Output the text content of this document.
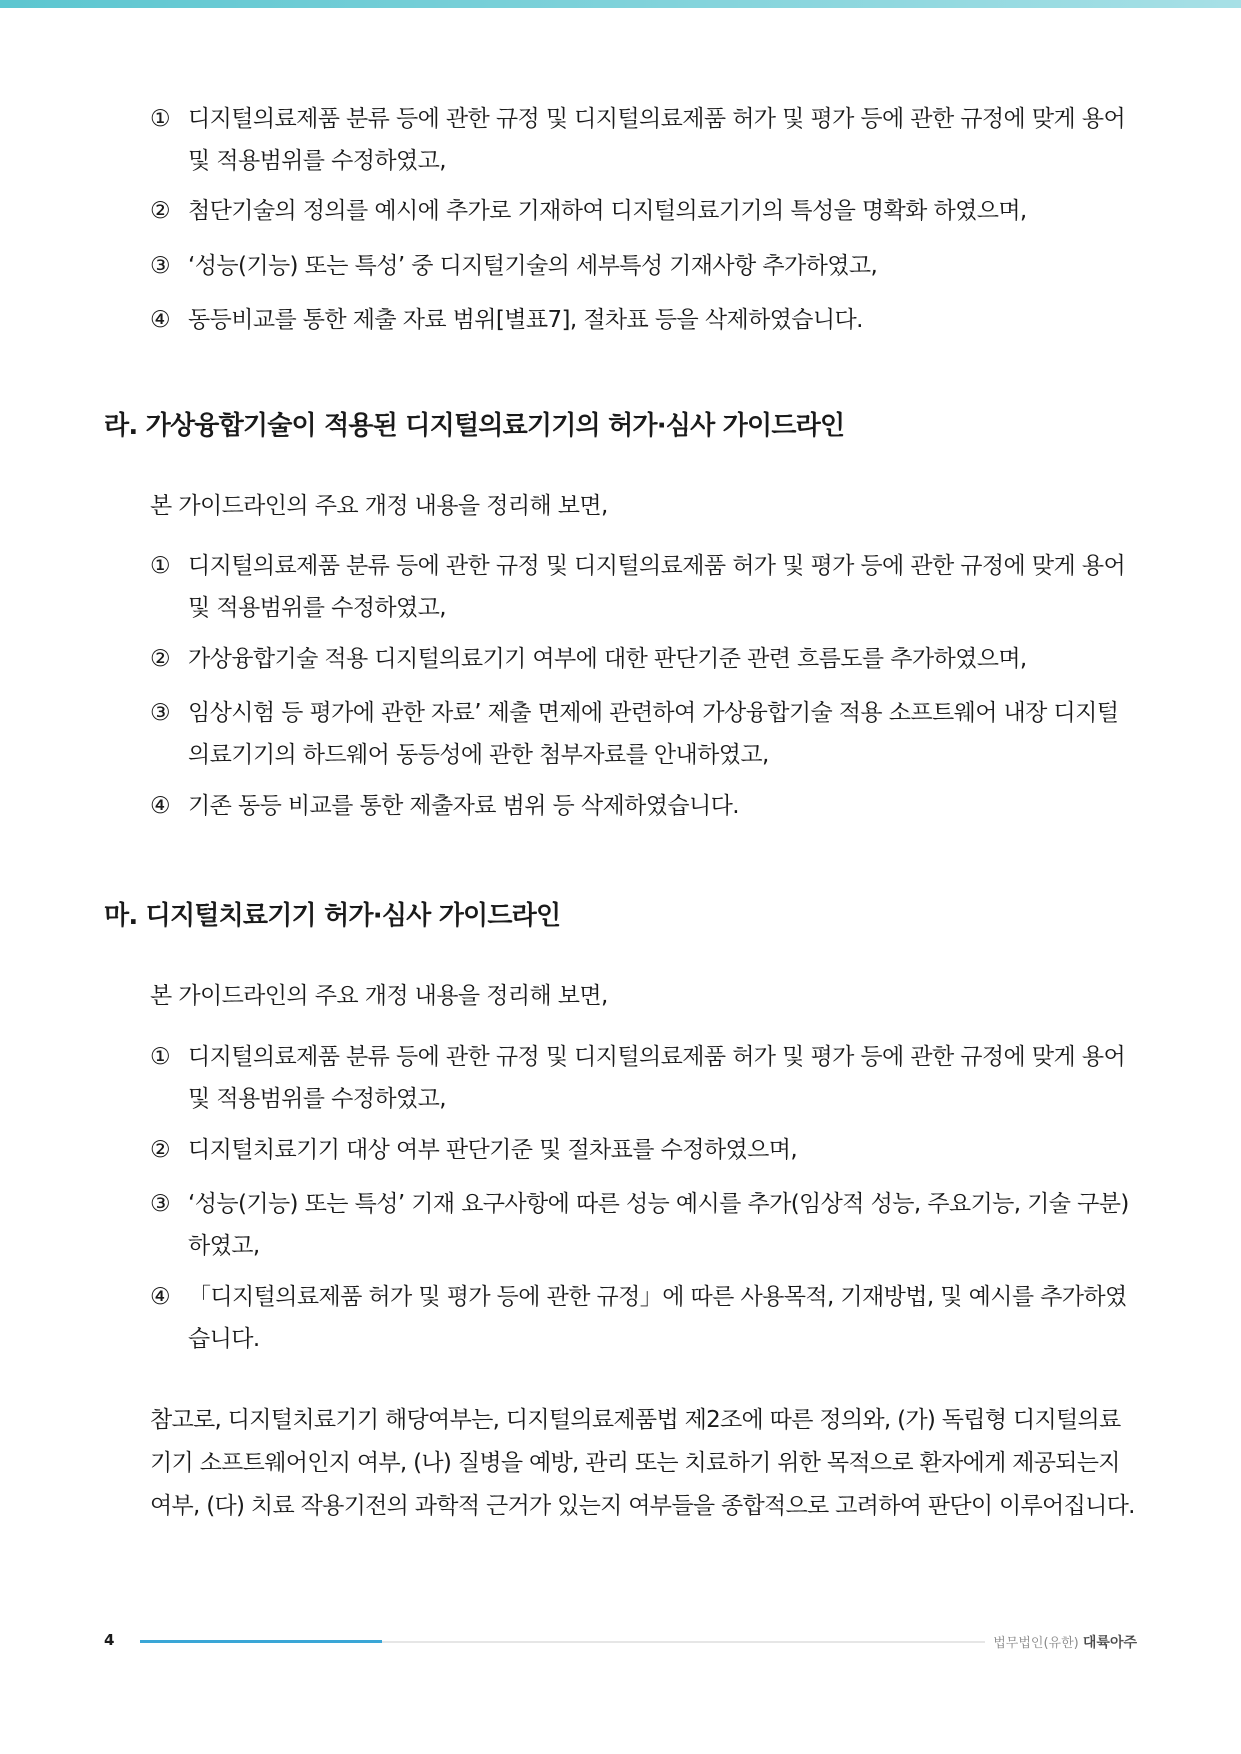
① 디지털의료제품 분류 등에 관한 규정 및 디지털의료제품 허가 및 평가 등에 관한 규정에 맞게 용어 및 적용범위를 수정하였고,
② 첨단기술의 정의를 예시에 추가로 기재하여 디지털의료기기의 특성을 명확화 하였으며,
③ ‘성능(기능) 또는 특성’ 중 디지털기술의 세부특성 기재사항 추가하였고,
④ 동등비교를 통한 제출 자료 범위[별표7], 절차표 등을 삭제하였습니다.
라. 가상융합기술이 적용된 디지털의료기기의 허가·심사 가이드라인
본 가이드라인의 주요 개정 내용을 정리해 보면,
① 디지털의료제품 분류 등에 관한 규정 및 디지털의료제품 허가 및 평가 등에 관한 규정에 맞게 용어 및 적용범위를 수정하였고,
② 가상융합기술 적용 디지털의료기기 여부에 대한 판단기준 관련 흐름도를 추가하였으며,
③ 임상시험 등 평가에 관한 자료’ 제출 면제에 관련하여 가상융합기술 적용 소프트웨어 내장 디지털 의료기기의 하드웨어 동등성에 관한 첨부자료를 안내하였고,
④ 기존 동등 비교를 통한 제출자료 범위 등 삭제하였습니다.
마. 디지털치료기기 허가·심사 가이드라인
본 가이드라인의 주요 개정 내용을 정리해 보면,
① 디지털의료제품 분류 등에 관한 규정 및 디지털의료제품 허가 및 평가 등에 관한 규정에 맞게 용어 및 적용범위를 수정하였고,
② 디지털치료기기 대상 여부 판단기준 및 절차표를 수정하였으며,
③ ‘성능(기능) 또는 특성’ 기재 요구사항에 따른 성능 예시를 추가(임상적 성능, 주요기능, 기술 구분) 하였고,
④ 「디지털의료제품 허가 및 평가 등에 관한 규정」에 따른 사용목적, 기재방법, 및 예시를 추가하였습니다.
참고로, 디지털치료기기 해당여부는, 디지털의료제품법 제2조에 따른 정의와, (가) 독립형 디지털의료기기 소프트웨어인지 여부, (나) 질병을 예방, 관리 또는 치료하기 위한 목적으로 환자에게 제공되는지 여부, (다) 치료 작용기전의 과학적 근거가 있는지 여부들을 종합적으로 고려하여 판단이 이루어집니다.
4	법무법인(유한) 대륙아주
